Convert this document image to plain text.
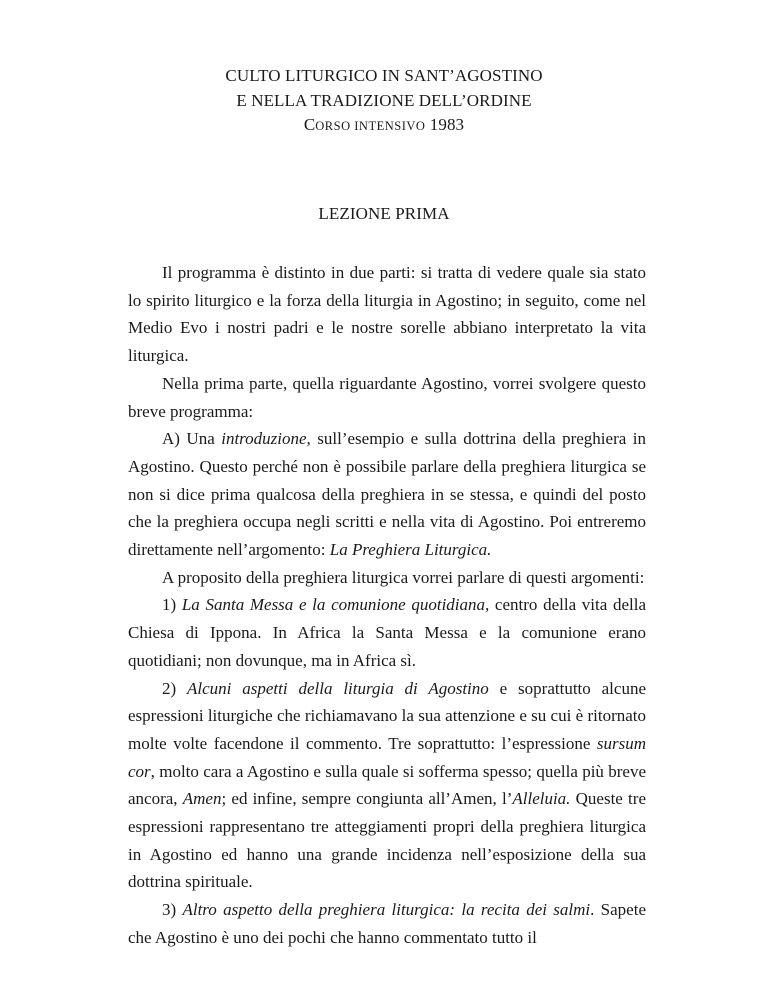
CULTO LITURGICO IN SANT’AGOSTINO
E NELLA TRADIZIONE DELL’ORDINE
CORSO INTENSIVO 1983
LEZIONE PRIMA

Il programma è distinto in due parti: si tratta di vedere quale sia stato lo spirito liturgico e la forza della liturgia in Agostino; in seguito, come nel Medio Evo i nostri padri e le nostre sorelle abbiano interpretato la vita liturgica.

Nella prima parte, quella riguardante Agostino, vorrei svolgere questo breve programma:

A) Una introduzione, sull’esempio e sulla dottrina della preghiera in Agostino. Questo perché non è possibile parlare della preghiera liturgica se non si dice prima qualcosa della preghiera in se stessa, e quindi del posto che la preghiera occupa negli scritti e nella vita di Agostino. Poi entreremo direttamente nell’argomento: La Preghiera Liturgica.

A proposito della preghiera liturgica vorrei parlare di questi argomenti:

1) La Santa Messa e la comunione quotidiana, centro della vita della Chiesa di Ippona. In Africa la Santa Messa e la comunione erano quotidiani; non dovunque, ma in Africa sì.

2) Alcuni aspetti della liturgia di Agostino e soprattutto alcune espressioni liturgiche che richiamavano la sua attenzione e su cui è ritornato molte volte facendone il commento. Tre soprattutto: l’espressione sursum cor, molto cara a Agostino e sulla quale si sofferma spesso; quella più breve ancora, Amen; ed infine, sempre congiunta all’Amen, l’Alleluia. Queste tre espressioni rappresentano tre atteggiamenti propri della preghiera liturgica in Agostino ed hanno una grande incidenza nell’esposizione della sua dottrina spirituale.

3) Altro aspetto della preghiera liturgica: la recita dei salmi. Sapete che Agostino è uno dei pochi che hanno commentato tutto il
